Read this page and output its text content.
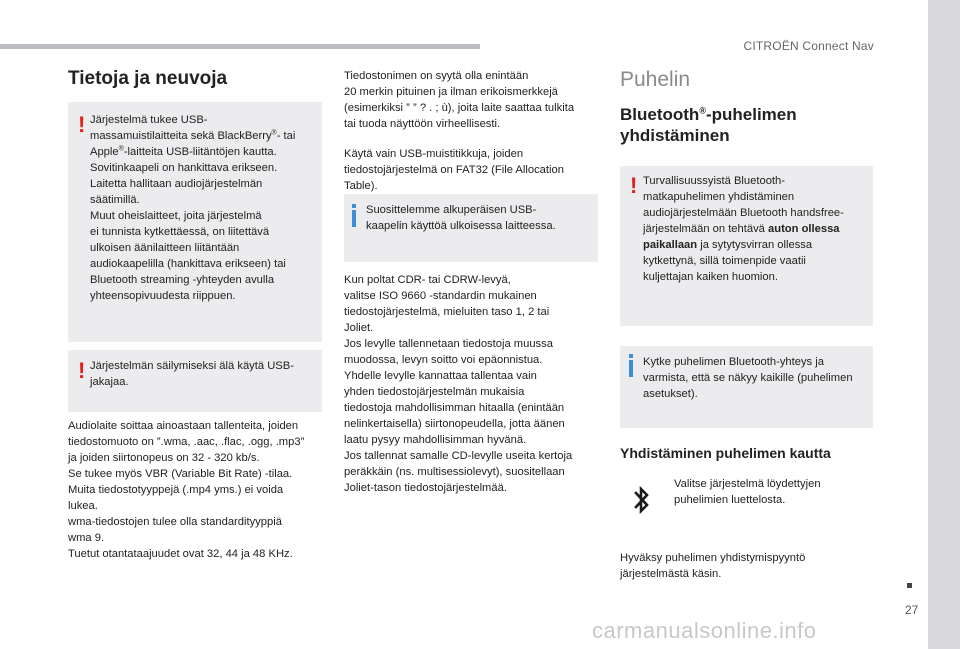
CITROËN Connect Nav
Tietoja ja neuvoja
! Järjestelmä tukee USB-
massamuistilaitteita sekä BlackBerry®- tai
Apple®-laitteita USB-liitäntöjen kautta.
Sovitinkaapeli on hankittava erikseen.
Laitetta hallitaan audiojärjestelmän
säätimillä.
Muut oheislaitteet, joita järjestelmä
ei tunnista kytkettäessä, on liitettävä
ulkoisen äänilaitteen liitäntään
audiokaapelilla (hankittava erikseen) tai
Bluetooth streaming -yhteyden avulla
yhteensopivuudesta riippuen.
! Järjestelmän säilymiseksi älä käytä USB-
jakajaa.
Audiolaite soittaa ainoastaan tallenteita, joiden
tiedostomuoto on ”.wma, .aac, .flac, .ogg, .mp3”
ja joiden siirtonopeus on 32 - 320 kb/s.
Se tukee myös VBR (Variable Bit Rate) -tilaa.
Muita tiedostotyyppejä (.mp4 yms.) ei voida
lukea.
wma-tiedostojen tulee olla standardityyppiä
wma 9.
Tuetut otantataajuudet ovat 32, 44 ja 48 KHz.
Tiedostonimen on syytä olla enintään
20 merkin pituinen ja ilman erikoismerkkejä
(esimerkiksi ” ” ? . ; ù), joita laite saattaa tulkita
tai tuoda näyttöön virheellisesti.
Käytä vain USB-muistitikkuja, joiden
tiedostojärjestelmä on FAT32 (File Allocation
Table).
Suosittelemme alkuperäisen USB-
kaapelin käyttöä ulkoisessa laitteessa.
Kun poltat CDR- tai CDRW-levyä,
valitse ISO 9660 -standardin mukainen
tiedostojärjestelmä, mieluiten taso 1, 2 tai
Joliet.
Jos levylle tallennetaan tiedostoja muussa
muodossa, levyn soitto voi epäonnistua.
Yhdelle levylle kannattaa tallentaa vain
yhden tiedostojärjestelmän mukaisia
tiedostoja mahdollisimman hitaalla (enintään
nelinkertaisella) siirtonopeudella, jotta äänen
laatu pysyy mahdollisimman hyvänä.
Jos tallennat samalle CD-levylle useita kertoja
peräkkäin (ns. multisessiolevyt), suositellaan
Joliet-tason tiedostojärjestelmää.
Puhelin
Bluetooth®-puhelimen
yhdistäminen
! Turvallisuussyistä Bluetooth-
matkapuhelimen yhdistäminen
audiojärjestelmään Bluetooth handsfree-
järjestelmään on tehtävä auton ollessa
paikallaan ja sytytysvirran ollessa
kytkettynä, sillä toimenpide vaatii
kuljettajan kaiken huomion.
Kytke puhelimen Bluetooth-yhteys ja
varmista, että se näkyy kaikille (puhelimen
asetukset).
Yhdistäminen puhelimen kautta
Valitse järjestelmä löydettyjen
puhelimien luettelosta.
Hyväksy puhelimen yhdistymispyyntö
järjestelmästä käsin.
27
carmanualsonline.info
